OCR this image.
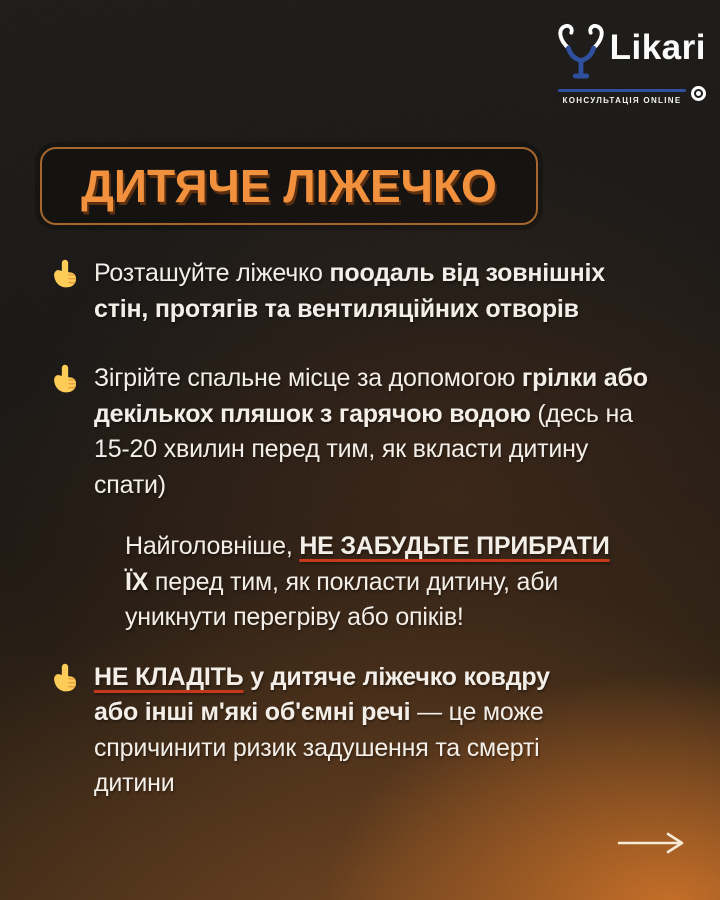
Likari
КОНСУЛЬТАЦІЯ ONLINE
ДИТЯЧЕ ЛІЖЕЧКО
Розташуйте ліжечко поодаль від зовнішніх стін, протягів та вентиляційних отворів
Зігрійте спальне місце за допомогою грілки або декількох пляшок з гарячою водою (десь на 15-20 хвилин перед тим, як вкласти дитину спати)
Найголовніше, НЕ ЗАБУДЬТЕ ПРИБРАТИ ЇХ перед тим, як покласти дитину, аби уникнути перегріву або опіків!
НЕ КЛАДІТЬ у дитяче ліжечко ковдру або інші м'які об'ємні речі — це може спричинити ризик задушення та смерті дитини
